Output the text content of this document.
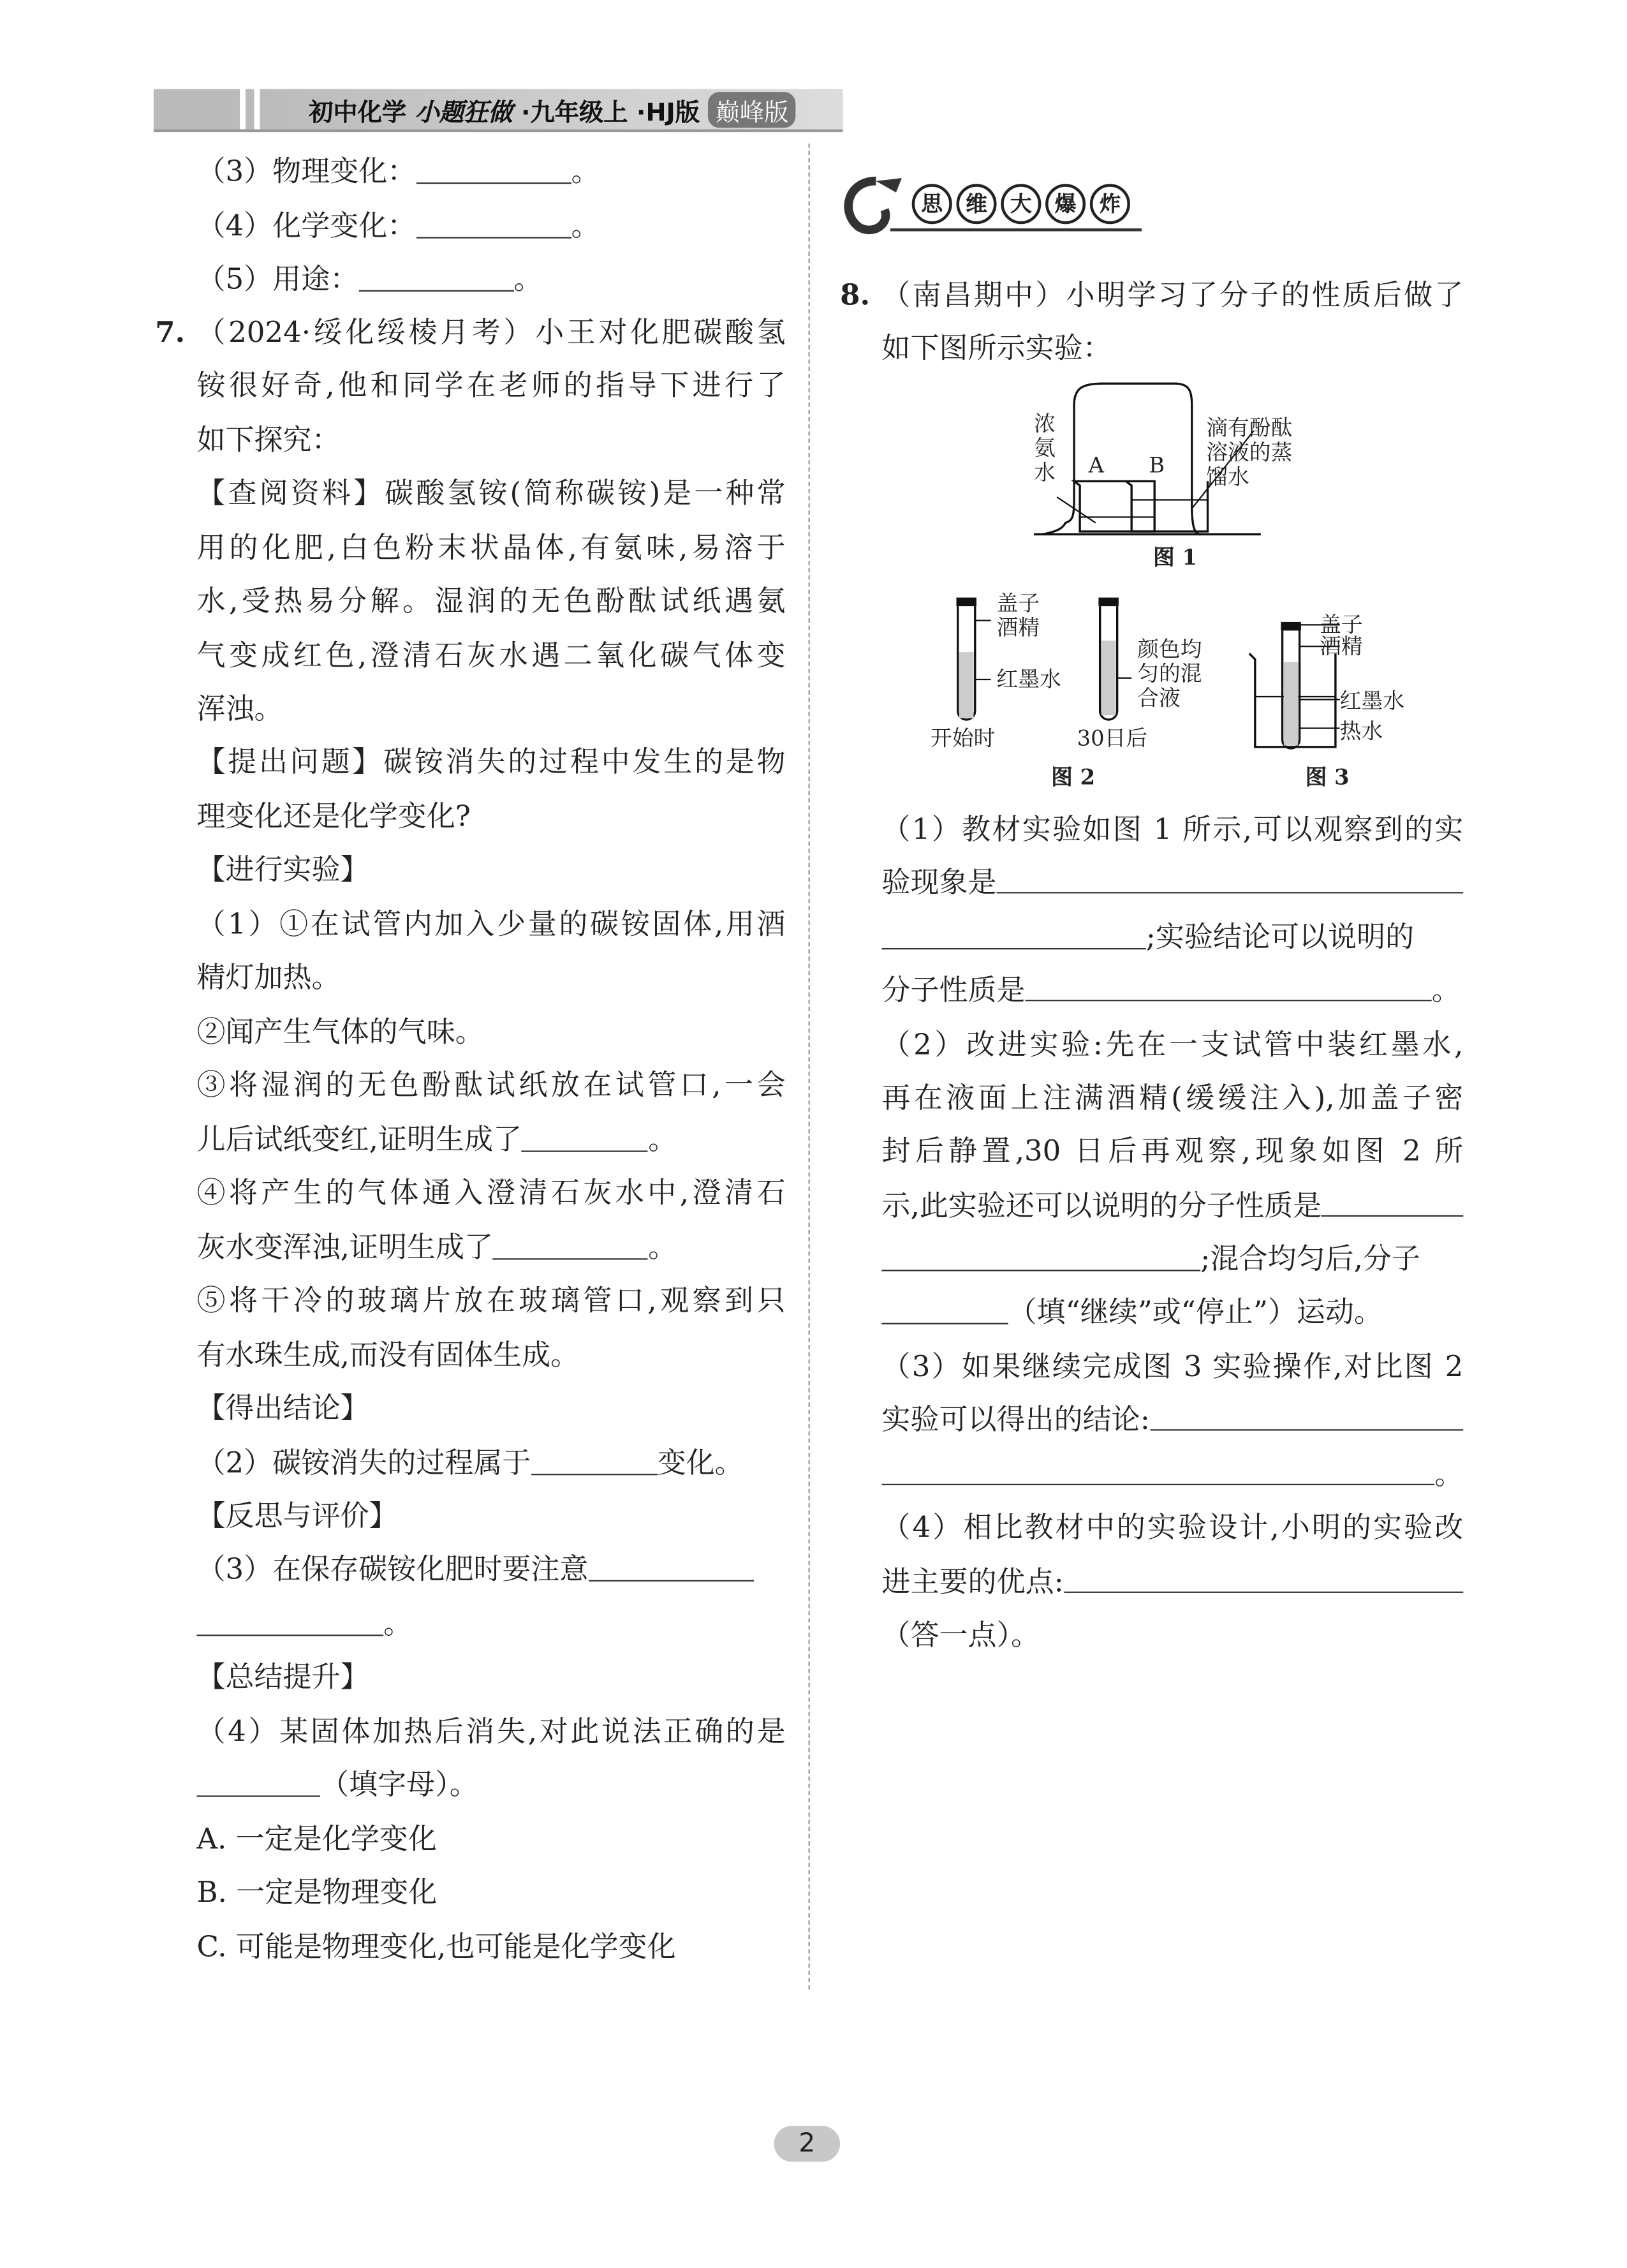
初中化学 小题狂做 ·九年级上 ·HJ版 巅峰版
（3）物理变化：	。
（4）化学变化：	。
（5）用途：	。
7. （2024·绥化绥棱月考）小王对化肥碳酸氢
铵很好奇,他和同学在老师的指导下进行了
如下探究：
【查阅资料】碳酸氢铵(简称碳铵)是一种常
用的化肥,白色粉末状晶体,有氨味,易溶于
水,受热易分解。湿润的无色酚酞试纸遇氨
气变成红色,澄清石灰水遇二氧化碳气体变
浑浊。
【提出问题】碳铵消失的过程中发生的是物
理变化还是化学变化?
【进行实验】
（1）①在试管内加入少量的碳铵固体,用酒
精灯加热。
②闻产生气体的气味。
③将湿润的无色酚酞试纸放在试管口,一会
儿后试纸变红,证明生成了	。
④将产生的气体通入澄清石灰水中,澄清石
灰水变浑浊,证明生成了	。
⑤将干冷的玻璃片放在玻璃管口,观察到只
有水珠生成,而没有固体生成。
【得出结论】
（2）碳铵消失的过程属于	变化。
【反思与评价】
（3）在保存碳铵化肥时要注意
。
【总结提升】
（4）某固体加热后消失,对此说法正确的是
（填字母）。
A. 一定是化学变化
B. 一定是物理变化
C. 可能是物理变化,也可能是化学变化
思	维	大	爆	炸
8. （南昌期中）小明学习了分子的性质后做了
如下图所示实验：
浓氨水	A	B
滴有酚酞
溶液的蒸
馏水
图 1
盖子
酒精
红墨水
开始时	30日后
颜色均
匀的混
合液
图 2
盖子
酒精
红墨水
热水
图 3
（1）教材实验如图 1 所示,可以观察到的实
验现象是
;实验结论可以说明的
分子性质是	。
（2）改进实验:先在一支试管中装红墨水,
再在液面上注满酒精(缓缓注入),加盖子密
封后静置,30 日后再观察,现象如图 2 所
示,此实验还可以说明的分子性质是
;混合均匀后,分子
（填“继续”或“停止”）运动。
（3）如果继续完成图 3 实验操作,对比图 2
实验可以得出的结论:
。
（4）相比教材中的实验设计,小明的实验改
进主要的优点:
（答一点）。
2
